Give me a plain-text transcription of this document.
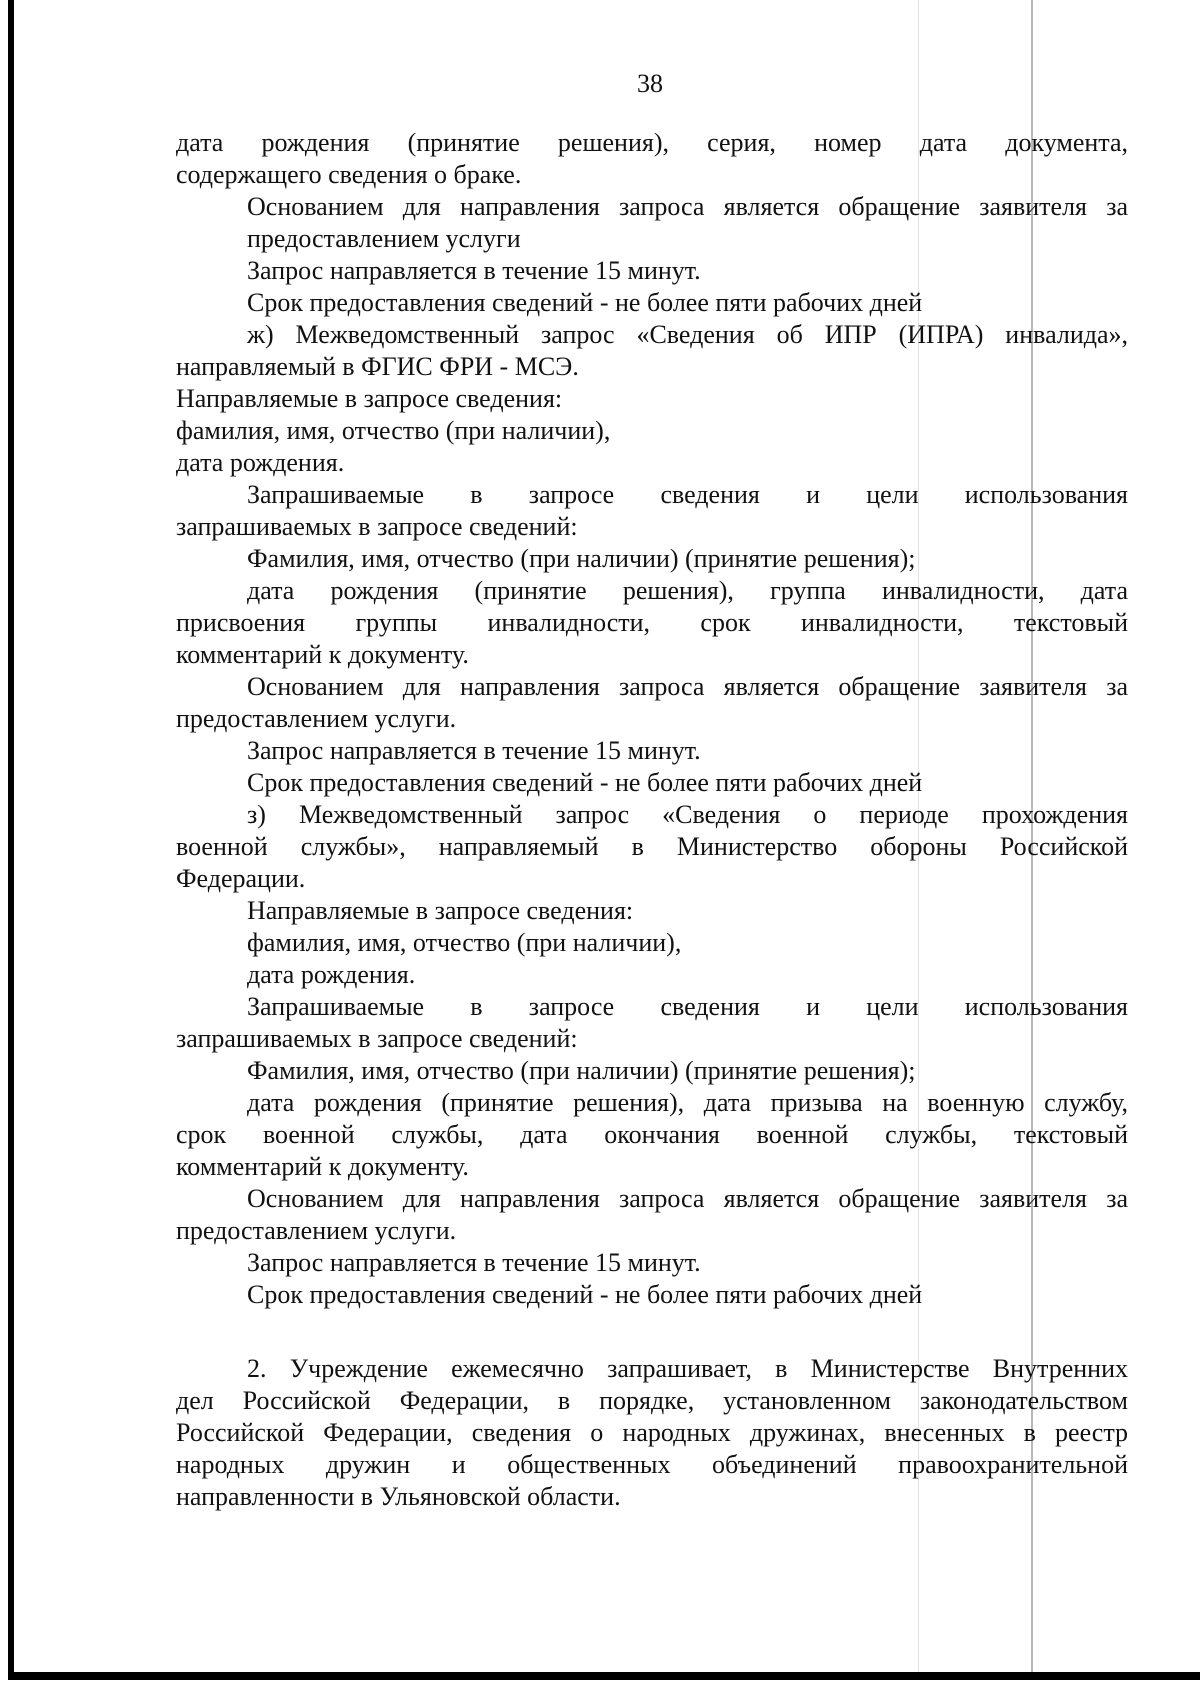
38
дата рождения (принятие решения), серия, номер дата документа,
содержащего сведения о браке.
Основанием для направления запроса является обращение заявителя за
предоставлением услуги
Запрос направляется в течение 15 минут.
Срок предоставления сведений - не более пяти рабочих дней
ж) Межведомственный запрос «Сведения об ИПР (ИПРА) инвалида»,
направляемый в ФГИС ФРИ - МСЭ.
Направляемые в запросе сведения:
фамилия, имя, отчество (при наличии),
дата рождения.
Запрашиваемые в запросе сведения и цели использования
запрашиваемых в запросе сведений:
Фамилия, имя, отчество (при наличии) (принятие решения);
дата рождения (принятие решения), группа инвалидности, дата
присвоения группы инвалидности, срок инвалидности, текстовый
комментарий к документу.
Основанием для направления запроса является обращение заявителя за
предоставлением услуги.
Запрос направляется в течение 15 минут.
Срок предоставления сведений - не более пяти рабочих дней
з) Межведомственный запрос «Сведения о периоде прохождения
военной службы», направляемый в Министерство обороны Российской
Федерации.
Направляемые в запросе сведения:
фамилия, имя, отчество (при наличии),
дата рождения.
Запрашиваемые в запросе сведения и цели использования
запрашиваемых в запросе сведений:
Фамилия, имя, отчество (при наличии) (принятие решения);
дата рождения (принятие решения), дата призыва на военную службу,
срок военной службы, дата окончания военной службы, текстовый
комментарий к документу.
Основанием для направления запроса является обращение заявителя за
предоставлением услуги.
Запрос направляется в течение 15 минут.
Срок предоставления сведений - не более пяти рабочих дней
2. Учреждение ежемесячно запрашивает, в Министерстве Внутренних
дел Российской Федерации, в порядке, установленном законодательством
Российской Федерации, сведения о народных дружинах, внесенных в реестр
народных дружин и общественных объединений правоохранительной
направленности в Ульяновской области.
